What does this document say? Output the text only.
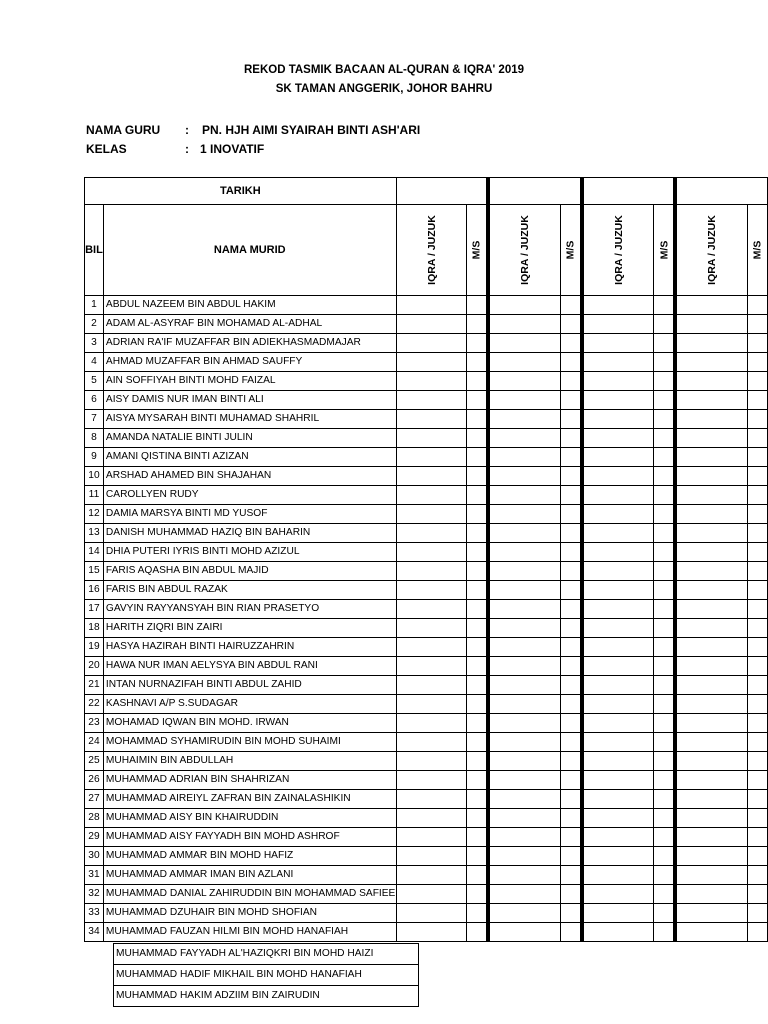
REKOD TASMIK BACAAN AL-QURAN & IQRA' 2019
SK TAMAN ANGGERIK, JOHOR BAHRU
NAMA GURU : PN. HJH AIMI SYAIRAH BINTI ASH'ARI
KELAS	: 1 INOVATIF
TARIKH									
BIL	NAMA MURID	IQRA / JUZUK	M/S	IQRA / JUZUK	M/S	IQRA / JUZUK	M/S	IQRA / JUZUK	M/S

1	ABDUL NAZEEM BIN ABDUL HAKIM								
2	ADAM AL-ASYRAF BIN MOHAMAD AL-ADHAL								
3	ADRIAN RA'IF MUZAFFAR BIN ADIEKHASMADMAJAR								
4	AHMAD MUZAFFAR BIN AHMAD SAUFFY								
5	AIN SOFFIYAH BINTI MOHD FAIZAL								
6	AISY DAMIS NUR IMAN BINTI ALI								
7	AISYA MYSARAH BINTI MUHAMAD SHAHRIL								
8	AMANDA NATALIE BINTI JULIN								
9	AMANI QISTINA BINTI AZIZAN								
10	ARSHAD AHAMED BIN SHAJAHAN								
11	CAROLLYEN RUDY								
12	DAMIA MARSYA BINTI MD YUSOF								
13	DANISH MUHAMMAD HAZIQ BIN BAHARIN								
14	DHIA PUTERI IYRIS BINTI MOHD AZIZUL								
15	FARIS AQASHA BIN ABDUL MAJID								
16	FARIS BIN ABDUL RAZAK								
17	GAVYIN RAYYANSYAH BIN RIAN PRASETYO								
18	HARITH ZIQRI BIN ZAIRI								
19	HASYA HAZIRAH BINTI HAIRUZZAHRIN								
20	HAWA NUR IMAN AELYSYA BIN ABDUL RANI								
21	INTAN NURNAZIFAH BINTI ABDUL ZAHID								
22	KASHNAVI A/P S.SUDAGAR								
23	MOHAMAD IQWAN BIN MOHD. IRWAN								
24	MOHAMMAD SYHAMIRUDIN BIN MOHD SUHAIMI								
25	MUHAIMIN BIN ABDULLAH								
26	MUHAMMAD ADRIAN BIN SHAHRIZAN								
27	MUHAMMAD AIREIYL ZAFRAN BIN ZAINALASHIKIN								
28	MUHAMMAD AISY BIN KHAIRUDDIN								
29	MUHAMMAD AISY FAYYADH BIN MOHD ASHROF								
30	MUHAMMAD AMMAR BIN MOHD HAFIZ								
31	MUHAMMAD AMMAR IMAN BIN AZLANI								
32	MUHAMMAD DANIAL ZAHIRUDDIN BIN MOHAMMAD SAFIEE								
33	MUHAMMAD DZUHAIR BIN MOHD SHOFIAN								
34	MUHAMMAD FAUZAN HILMI BIN MOHD HANAFIAH								
MUHAMMAD FAYYADH AL'HAZIQKRI BIN MOHD HAIZI
MUHAMMAD HADIF MIKHAIL BIN MOHD HANAFIAH
MUHAMMAD HAKIM ADZIIM BIN ZAIRUDIN
